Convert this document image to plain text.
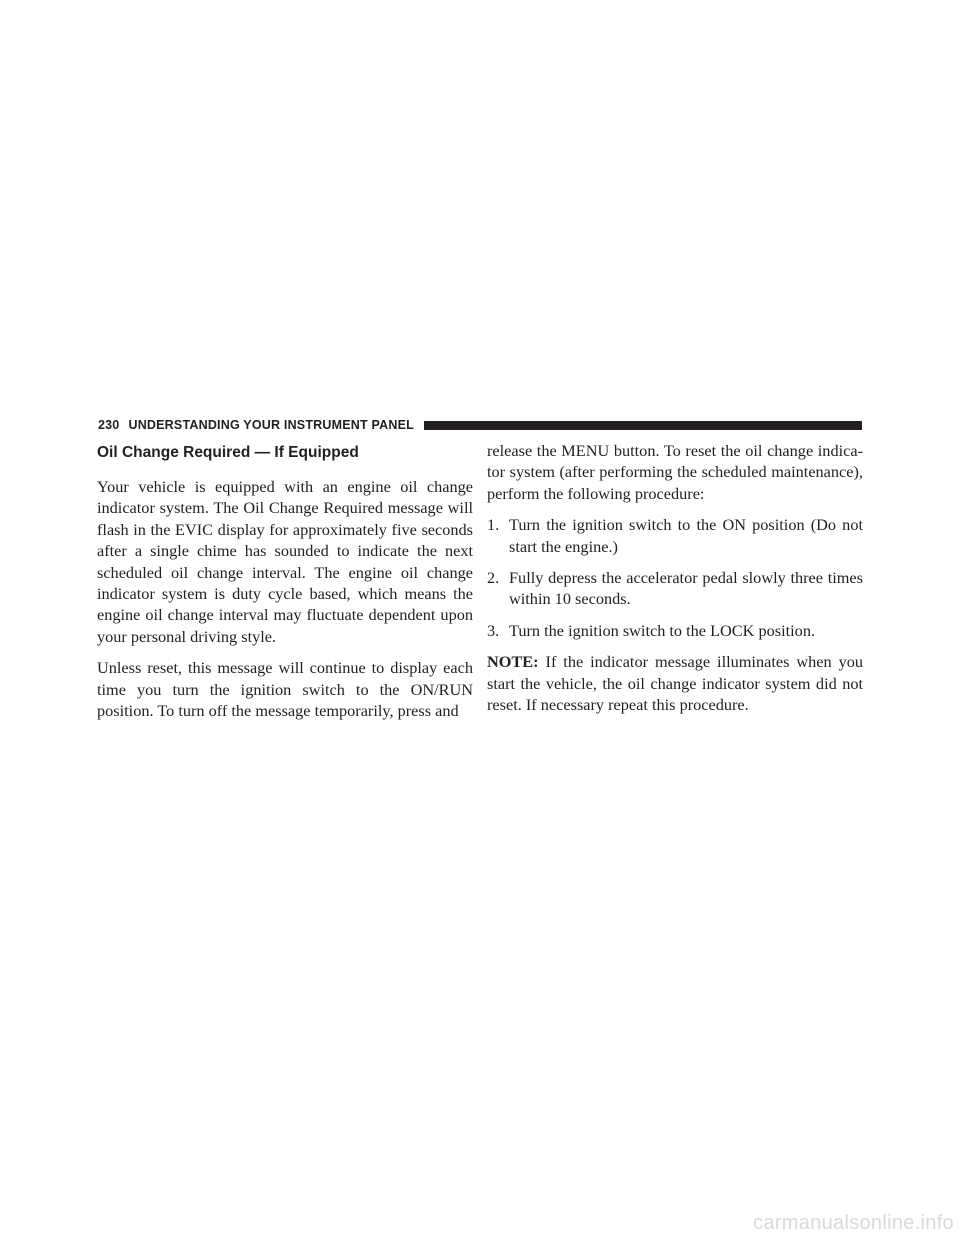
230 UNDERSTANDING YOUR INSTRUMENT PANEL
Oil Change Required — If Equipped

Your vehicle is equipped with an engine oil change indicator system. The Oil Change Required message will flash in the EVIC display for approximately five seconds after a single chime has sounded to indicate the next scheduled oil change interval. The engine oil change indicator system is duty cycle based, which means the engine oil change interval may fluctuate dependent upon your personal driving style.

Unless reset, this message will continue to display each time you turn the ignition switch to the ON/RUN position. To turn off the message temporarily, press and

release the MENU button. To reset the oil change indica-tor system (after performing the scheduled maintenance), perform the following procedure:

1. Turn the ignition switch to the ON position (Do not start the engine.)
2. Fully depress the accelerator pedal slowly three times within 10 seconds.
3. Turn the ignition switch to the LOCK position.

NOTE: If the indicator message illuminates when you start the vehicle, the oil change indicator system did not reset. If necessary repeat this procedure.

carmanualsonline.info
